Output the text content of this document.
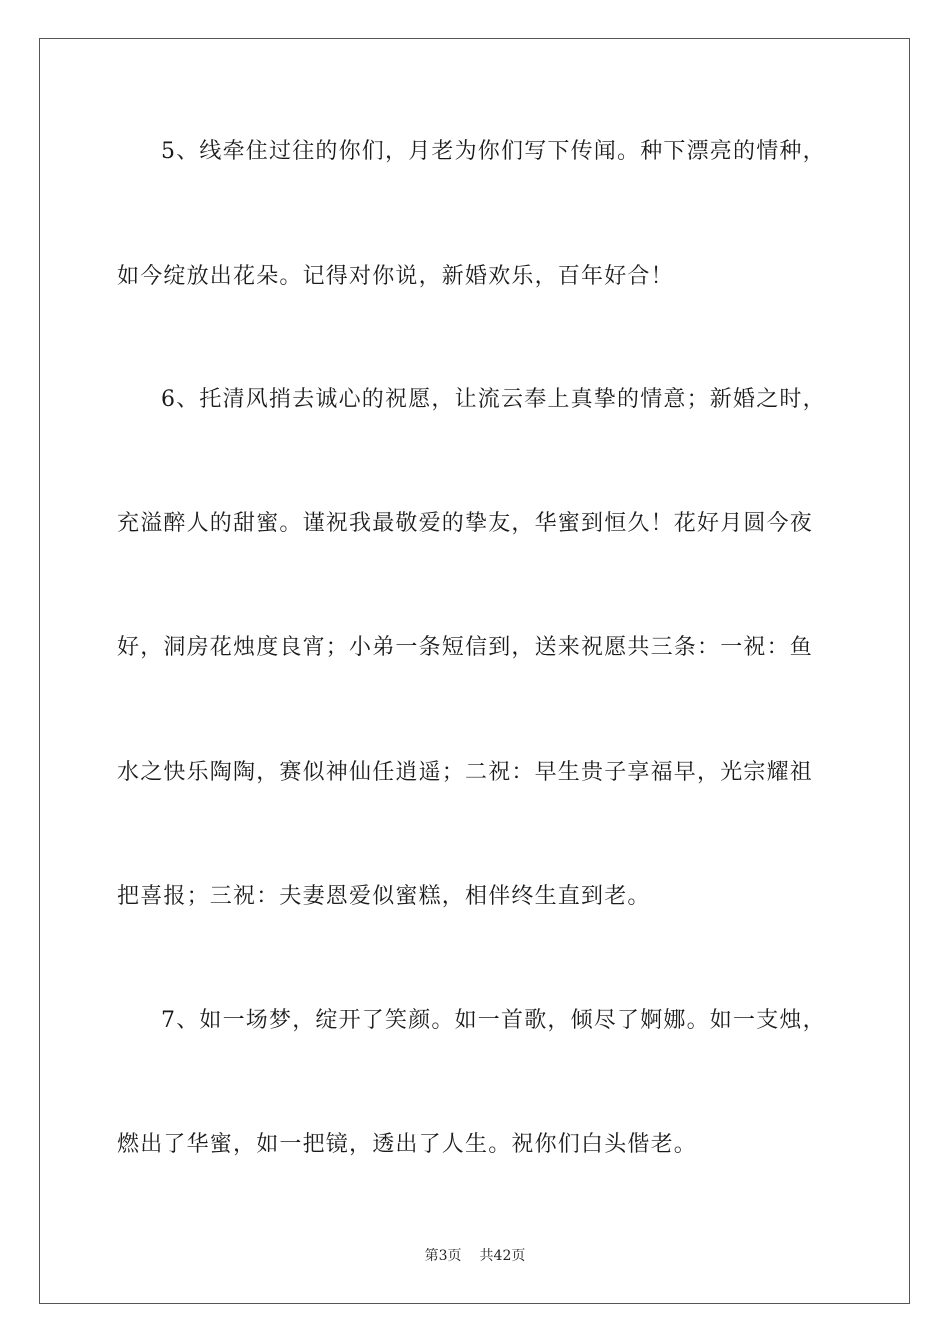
5、线牵住过往的你们，月老为你们写下传闻。种下漂亮的情种，
如今绽放出花朵。记得对你说，新婚欢乐，百年好合！
6、托清风捎去诚心的祝愿，让流云奉上真挚的情意；新婚之时，
充溢醉人的甜蜜。谨祝我最敬爱的挚友，华蜜到恒久！花好月圆今夜
好，洞房花烛度良宵；小弟一条短信到，送来祝愿共三条：一祝：鱼
水之快乐陶陶，赛似神仙任逍遥；二祝：早生贵子享福早，光宗耀祖
把喜报；三祝：夫妻恩爱似蜜糕，相伴终生直到老。
7、如一场梦，绽开了笑颜。如一首歌，倾尽了婀娜。如一支烛，
燃出了华蜜，如一把镜，透出了人生。祝你们白头偕老。
第3页 共42页
